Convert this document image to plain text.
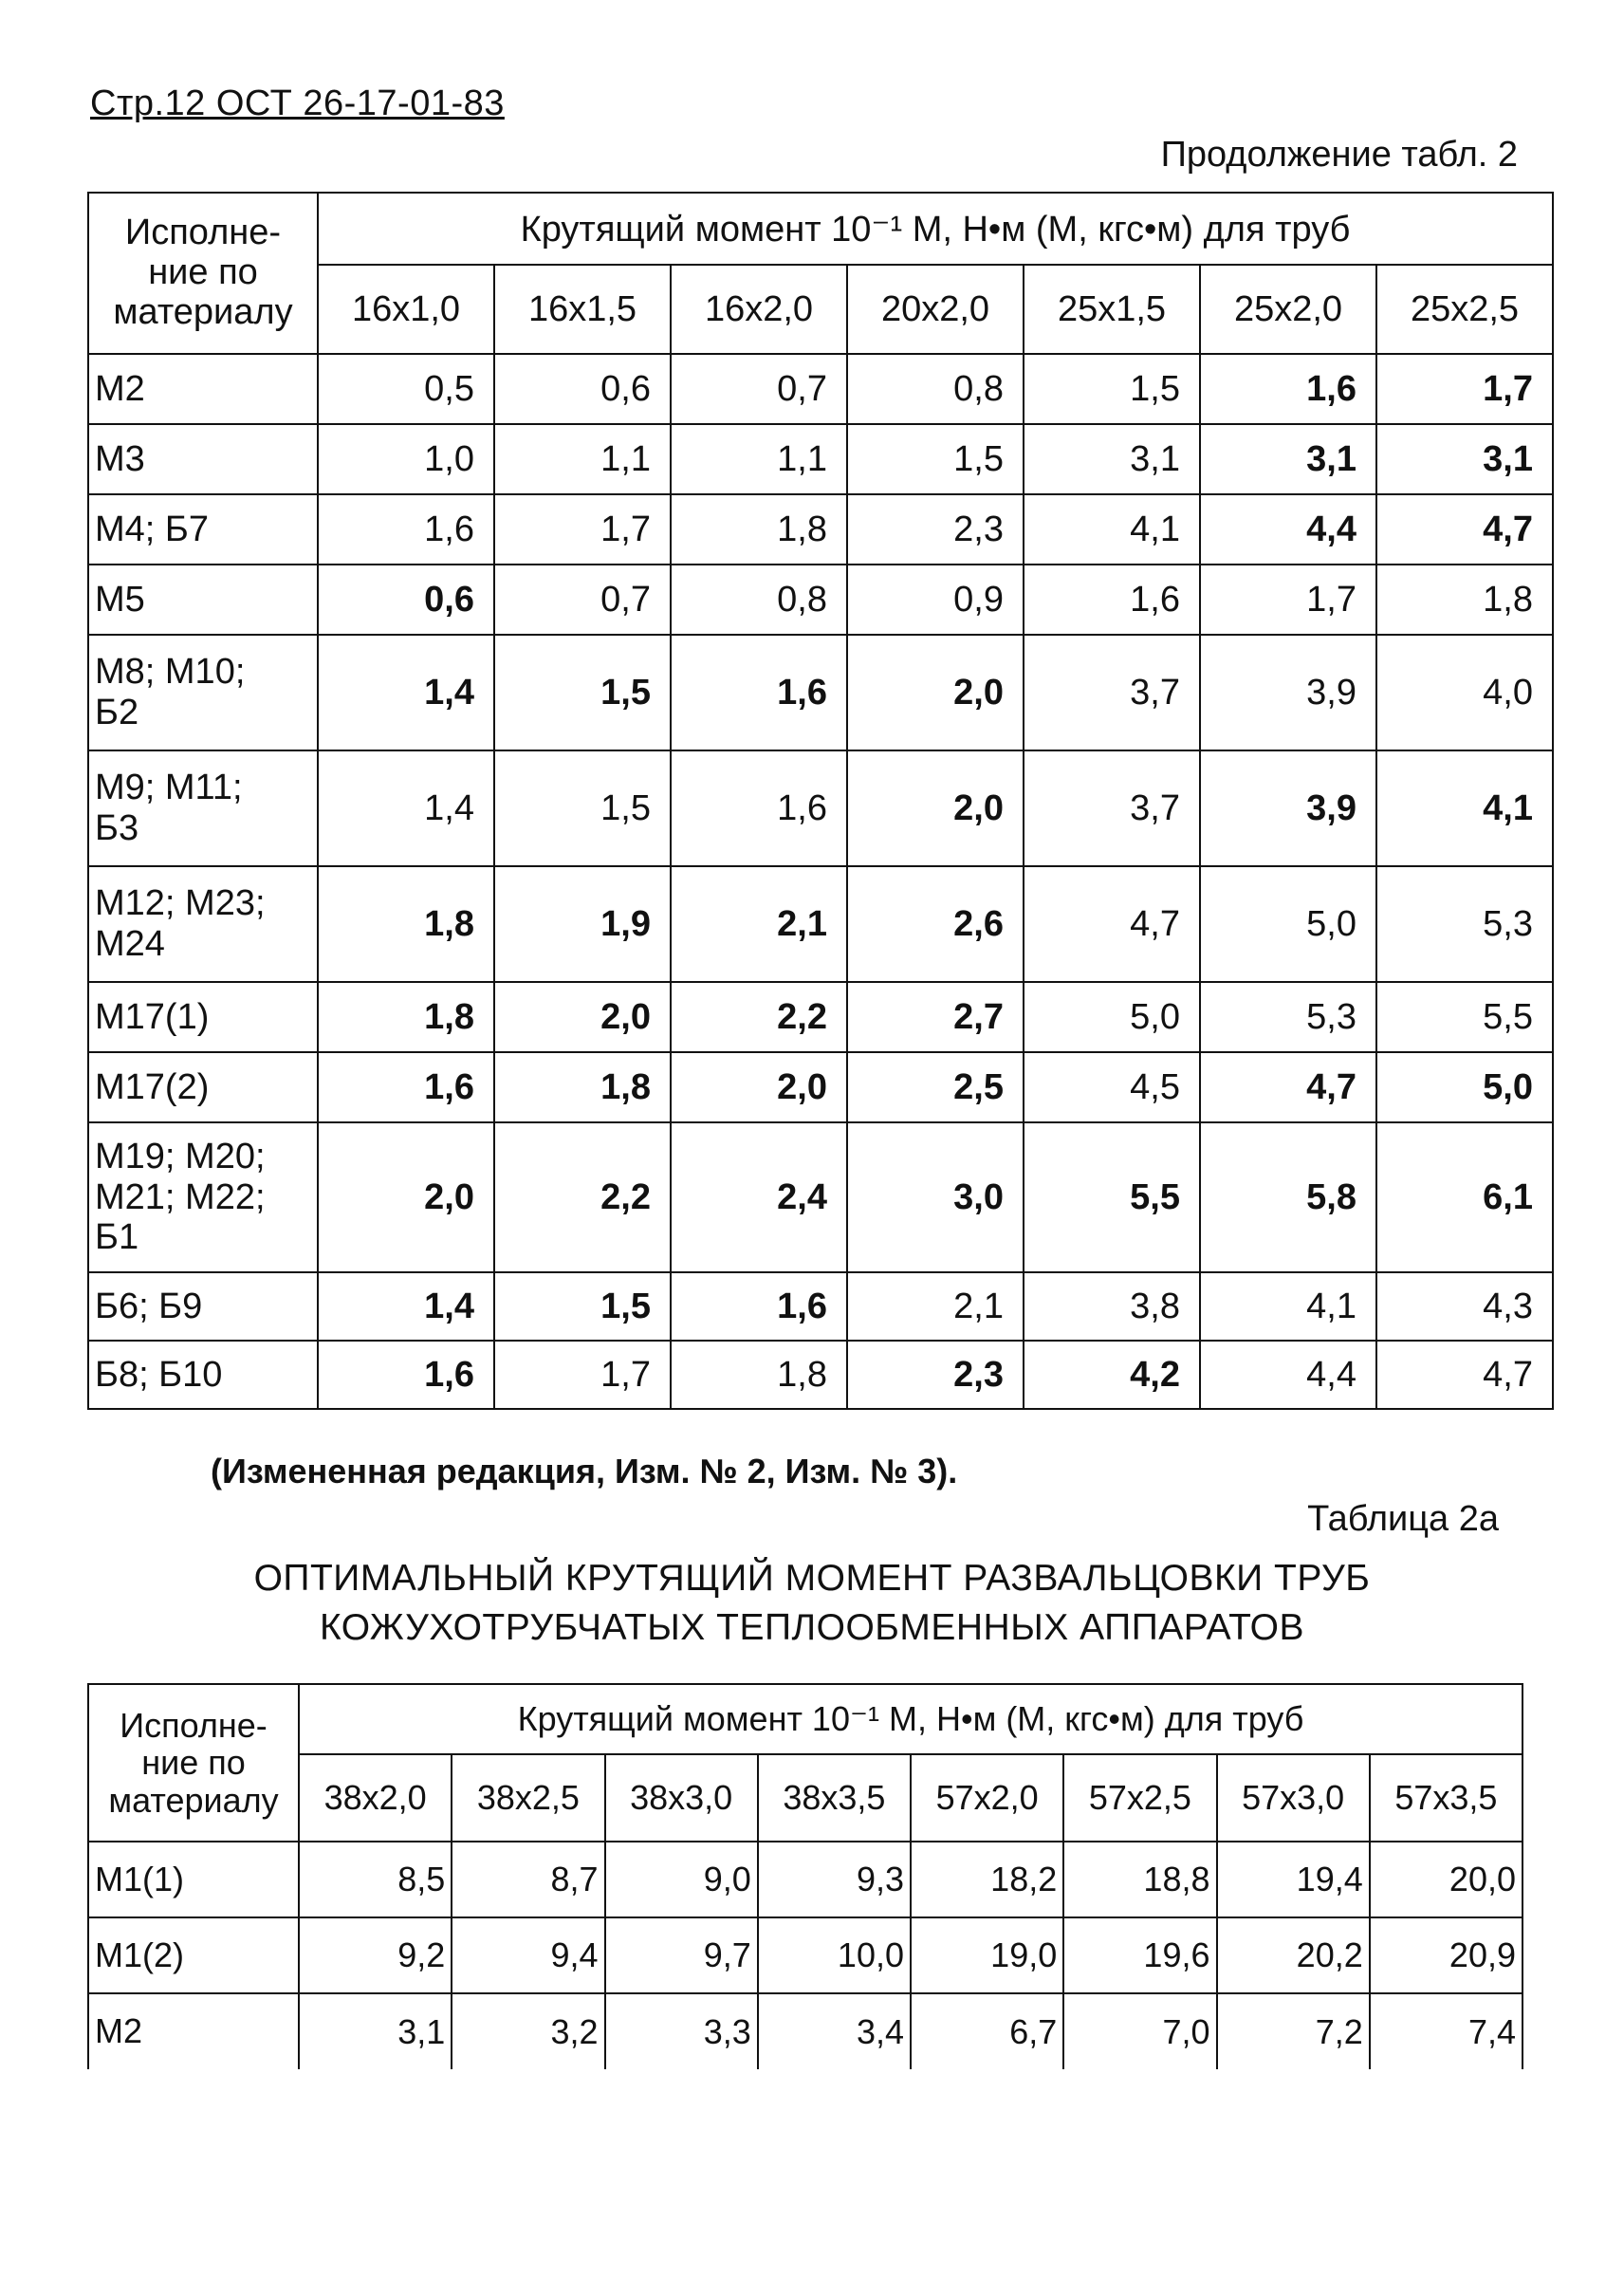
Стр.12 ОСТ 26-17-01-83
Продолжение табл. 2
Исполне-
ние по
материалу	Крутящий момент 10⁻¹ М, Н•м (М, кгс•м) для труб						
	16x1,0	16x1,5	16x2,0	20x2,0	25x1,5	25x2,0	25x2,5
М2	0,5	0,6	0,7	0,8	1,5	1,6	1,7
М3	1,0	1,1	1,1	1,5	3,1	3,1	3,1
М4; Б7	1,6	1,7	1,8	2,3	4,1	4,4	4,7
М5	0,6	0,7	0,8	0,9	1,6	1,7	1,8
М8; М10;
Б2	1,4	1,5	1,6	2,0	3,7	3,9	4,0
М9; М11;
Б3	1,4	1,5	1,6	2,0	3,7	3,9	4,1
М12; М23;
М24	1,8	1,9	2,1	2,6	4,7	5,0	5,3
М17(1)	1,8	2,0	2,2	2,7	5,0	5,3	5,5
М17(2)	1,6	1,8	2,0	2,5	4,5	4,7	5,0
М19; М20;
М21; М22;
Б1	2,0	2,2	2,4	3,0	5,5	5,8	6,1
Б6; Б9	1,4	1,5	1,6	2,1	3,8	4,1	4,3
Б8; Б10	1,6	1,7	1,8	2,3	4,2	4,4	4,7
(Измененная редакция, Изм. № 2, Изм. № 3).
Таблица 2а
ОПТИМАЛЬНЫЙ КРУТЯЩИЙ МОМЕНТ РАЗВАЛЬЦОВКИ ТРУБ
КОЖУХОТРУБЧАТЫХ ТЕПЛООБМЕННЫХ АППАРАТОВ
Исполне-
ние по
материалу	Крутящий момент 10⁻¹ М, Н•м (М, кгс•м) для труб							
	38x2,0	38x2,5	38x3,0	38x3,5	57x2,0	57x2,5	57x3,0	57x3,5
М1(1)	8,5	8,7	9,0	9,3	18,2	18,8	19,4	20,0
М1(2)	9,2	9,4	9,7	10,0	19,0	19,6	20,2	20,9
М2	3,1	3,2	3,3	3,4	6,7	7,0	7,2	7,4
